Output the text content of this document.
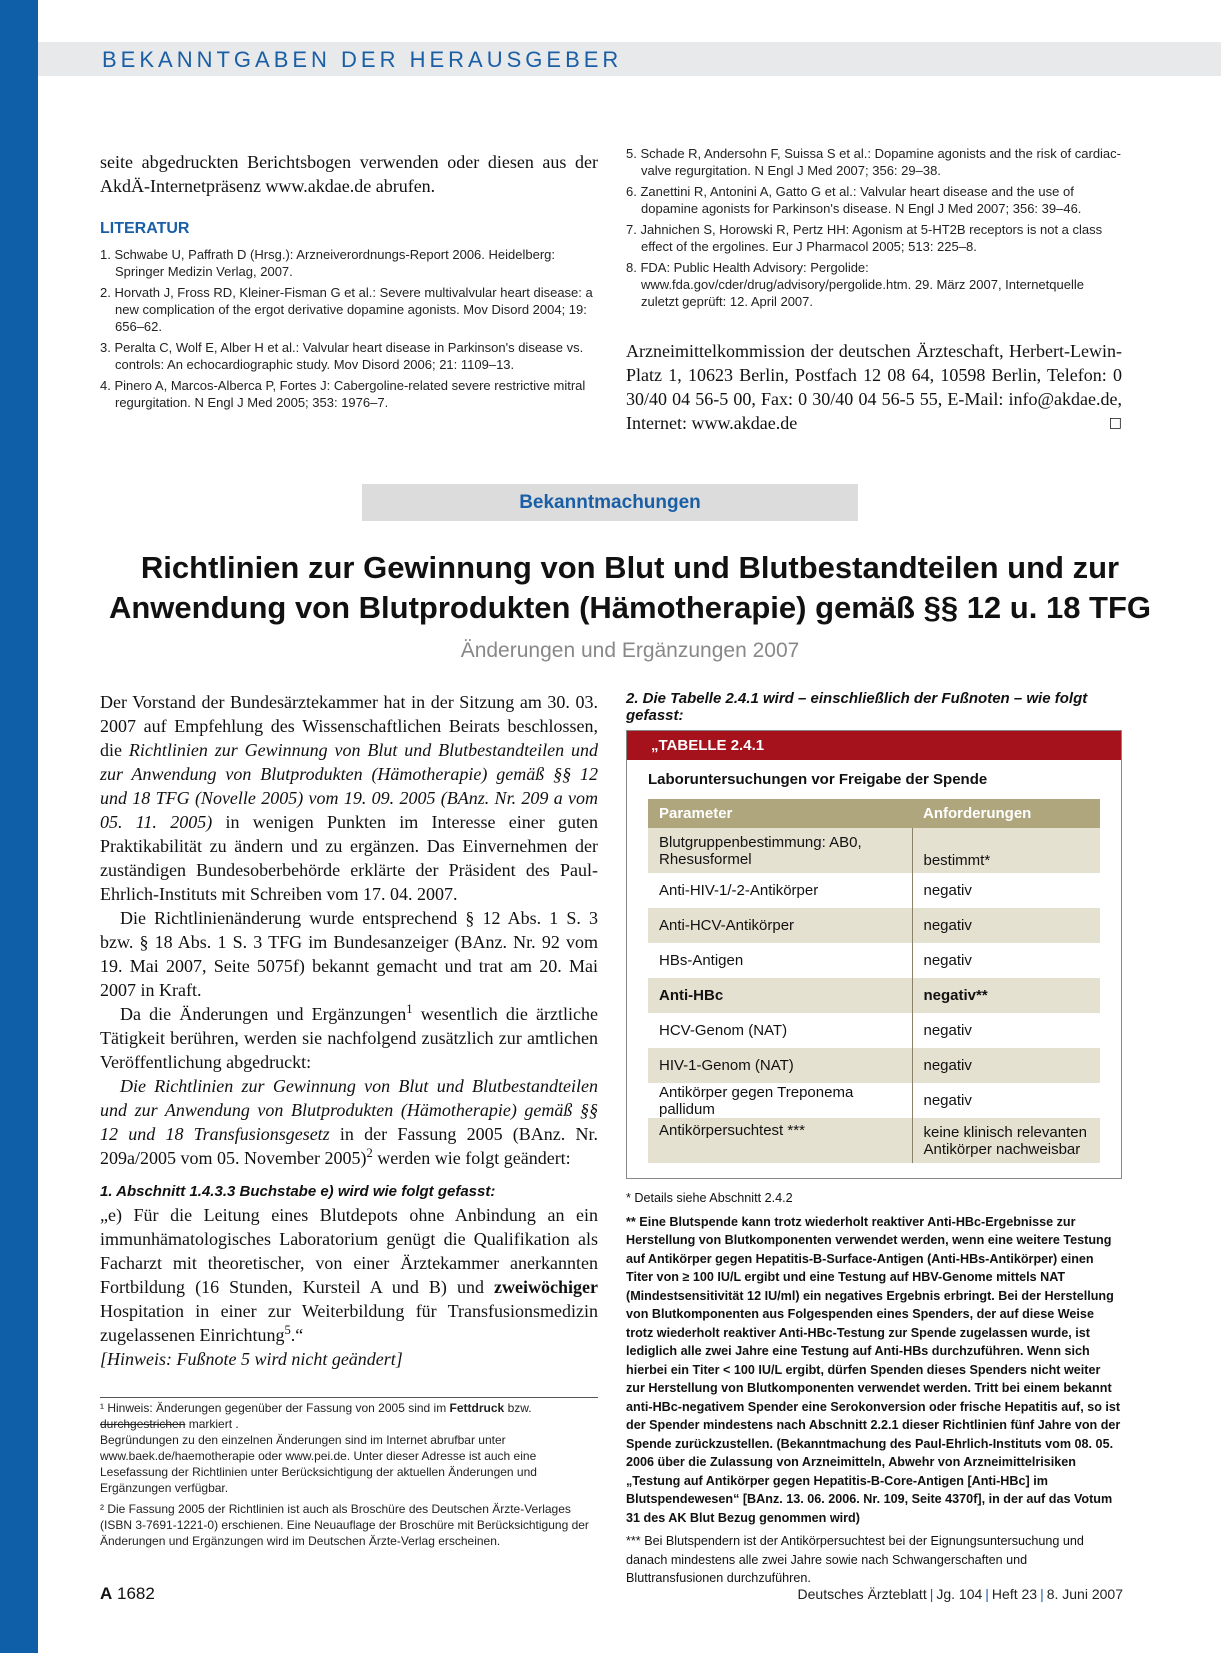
BEKANNTGABEN DER HERAUSGEBER

seite abgedruckten Berichtsbogen verwenden oder diesen aus der AkdÄ-Internetpräsenz www.akdae.de abrufen.

LITERATUR
1. Schwabe U, Paffrath D (Hrsg.): Arzneiverordnungs-Report 2006. Heidelberg: Springer Medizin Verlag, 2007.
2. Horvath J, Fross RD, Kleiner-Fisman G et al.: Severe multivalvular heart disease: a new complication of the ergot derivative dopamine agonists. Mov Disord 2004; 19: 656–62.
3. Peralta C, Wolf E, Alber H et al.: Valvular heart disease in Parkinson's disease vs. controls: An echocardiographic study. Mov Disord 2006; 21: 1109–13.
4. Pinero A, Marcos-Alberca P, Fortes J: Cabergoline-related severe restrictive mitral regurgitation. N Engl J Med 2005; 353: 1976–7.
5. Schade R, Andersohn F, Suissa S et al.: Dopamine agonists and the risk of cardiac-valve regurgitation. N Engl J Med 2007; 356: 29–38.
6. Zanettini R, Antonini A, Gatto G et al.: Valvular heart disease and the use of dopamine agonists for Parkinson's disease. N Engl J Med 2007; 356: 39–46.
7. Jahnichen S, Horowski R, Pertz HH: Agonism at 5-HT2B receptors is not a class effect of the ergolines. Eur J Pharmacol 2005; 513: 225–8.
8. FDA: Public Health Advisory: Pergolide: www.fda.gov/cder/drug/advisory/pergolide.htm. 29. März 2007, Internetquelle zuletzt geprüft: 12. April 2007.

Arzneimittelkommission der deutschen Ärzteschaft, Herbert-Lewin-Platz 1, 10623 Berlin, Postfach 12 08 64, 10598 Berlin, Telefon: 0 30/40 04 56-5 00, Fax: 0 30/40 04 56-5 55, E-Mail: info@akdae.de, Internet: www.akdae.de	□

Bekanntmachungen
Richtlinien zur Gewinnung von Blut und Blutbestandteilen und zur Anwendung von Blutprodukten (Hämotherapie) gemäß §§ 12 u. 18 TFG
Änderungen und Ergänzungen 2007

Der Vorstand der Bundesärztekammer hat in der Sitzung am 30. 03. 2007 auf Empfehlung des Wissenschaftlichen Beirats beschlossen, die Richtlinien zur Gewinnung von Blut und Blutbestandteilen und zur Anwendung von Blutprodukten (Hämotherapie) gemäß §§ 12 und 18 TFG (Novelle 2005) vom 19. 09. 2005 (BAnz. Nr. 209 a vom 05. 11. 2005) in wenigen Punkten im Interesse einer guten Praktikabilität zu ändern und zu ergänzen. Das Einvernehmen der zuständigen Bundesoberbehörde erklärte der Präsident des Paul-Ehrlich-Instituts mit Schreiben vom 17. 04. 2007.

Die Richtlinienänderung wurde entsprechend § 12 Abs. 1 S. 3 bzw. § 18 Abs. 1 S. 3 TFG im Bundesanzeiger (BAnz. Nr. 92 vom 19. Mai 2007, Seite 5075f) bekannt gemacht und trat am 20. Mai 2007 in Kraft.

Da die Änderungen und Ergänzungen$^1$ wesentlich die ärztliche Tätigkeit berühren, werden sie nachfolgend zusätzlich zur amtlichen Veröffentlichung abgedruckt:

Die Richtlinien zur Gewinnung von Blut und Blutbestandteilen und zur Anwendung von Blutprodukten (Hämotherapie) gemäß §§ 12 und 18 Transfusionsgesetz in der Fassung 2005 (BAnz. Nr. 209a/2005 vom 05. November 2005)$^2$ werden wie folgt geändert:

1. Abschnitt 1.4.3.3 Buchstabe e) wird wie folgt gefasst:

„e) Für die Leitung eines Blutdepots ohne Anbindung an ein immunhämatologisches Laboratorium genügt die Qualifikation als Facharzt mit theoretischer, von einer Ärztekammer anerkannten Fortbildung (16 Stunden, Kursteil A und B) und zweiwöchiger Hospitation in einer zur Weiterbildung für Transfusionsmedizin zugelassenen Einrichtung$^5$.“

[Hinweis: Fußnote 5 wird nicht geändert]

¹ Hinweis: Änderungen gegenüber der Fassung von 2005 sind im Fettdruck bzw. durchgestrichen markiert .
Begründungen zu den einzelnen Änderungen sind im Internet abrufbar unter www.baek.de/haemotherapie oder www.pei.de. Unter dieser Adresse ist auch eine Lesefassung der Richtlinien unter Berücksichtigung der aktuellen Änderungen und Ergänzungen verfügbar.

² Die Fassung 2005 der Richtlinien ist auch als Broschüre des Deutschen Ärzte-Verlages (ISBN 3-7691-1221-0) erschienen. Eine Neuauflage der Broschüre mit Berücksichtigung der Änderungen und Ergänzungen wird im Deutschen Ärzte-Verlag erscheinen.

2. Die Tabelle 2.4.1 wird – einschließlich der Fußnoten – wie folgt gefasst:
„TABELLE 2.4.1
Laboruntersuchungen vor Freigabe der Spende
Parameter	Anforderungen
Blutgruppenbestimmung: AB0, Rhesusformel	bestimmt*
Anti-HIV-1/-2-Antikörper	negativ
Anti-HCV-Antikörper	negativ
HBs-Antigen	negativ
Anti-HBc	negativ**
HCV-Genom (NAT)	negativ
HIV-1-Genom (NAT)	negativ
Antikörper gegen Treponema pallidum	negativ
Antikörpersuchtest ***	keine klinisch relevanten Antikörper nachweisbar

* Details siehe Abschnitt 2.4.2

** Eine Blutspende kann trotz wiederholt reaktiver Anti-HBc-Ergebnisse zur Herstellung von Blutkomponenten verwendet werden, wenn eine weitere Testung auf Antikörper gegen Hepatitis-B-Surface-Antigen (Anti-HBs-Antikörper) einen Titer von ≥ 100 IU/L ergibt und eine Testung auf HBV-Genome mittels NAT (Mindestsensitivität 12 IU/ml) ein negatives Ergebnis erbringt. Bei der Herstellung von Blutkomponenten aus Folgespenden eines Spenders, der auf diese Weise trotz wiederholt reaktiver Anti-HBc-Testung zur Spende zugelassen wurde, ist lediglich alle zwei Jahre eine Testung auf Anti-HBs durchzuführen. Wenn sich hierbei ein Titer < 100 IU/L ergibt, dürfen Spenden dieses Spenders nicht weiter zur Herstellung von Blutkomponenten verwendet werden. Tritt bei einem bekannt anti-HBc-negativem Spender eine Serokonversion oder frische Hepatitis auf, so ist der Spender mindestens nach Abschnitt 2.2.1 dieser Richtlinien fünf Jahre von der Spende zurückzustellen. (Bekanntmachung des Paul-Ehrlich-Instituts vom 08. 05. 2006 über die Zulassung von Arzneimitteln, Abwehr von Arzneimittelrisiken „Testung auf Antikörper gegen Hepatitis-B-Core-Antigen [Anti-HBc] im Blutspendewesen“ [BAnz. 13. 06. 2006. Nr. 109, Seite 4370f], in der auf das Votum 31 des AK Blut Bezug genommen wird)

*** Bei Blutspendern ist der Antikörpersuchtest bei der Eignungsuntersuchung und danach mindestens alle zwei Jahre sowie nach Schwangerschaften und Bluttransfusionen durchzuführen.

A 1682	Deutsches Ärzteblatt | Jg. 104 | Heft 23 | 8. Juni 2007
